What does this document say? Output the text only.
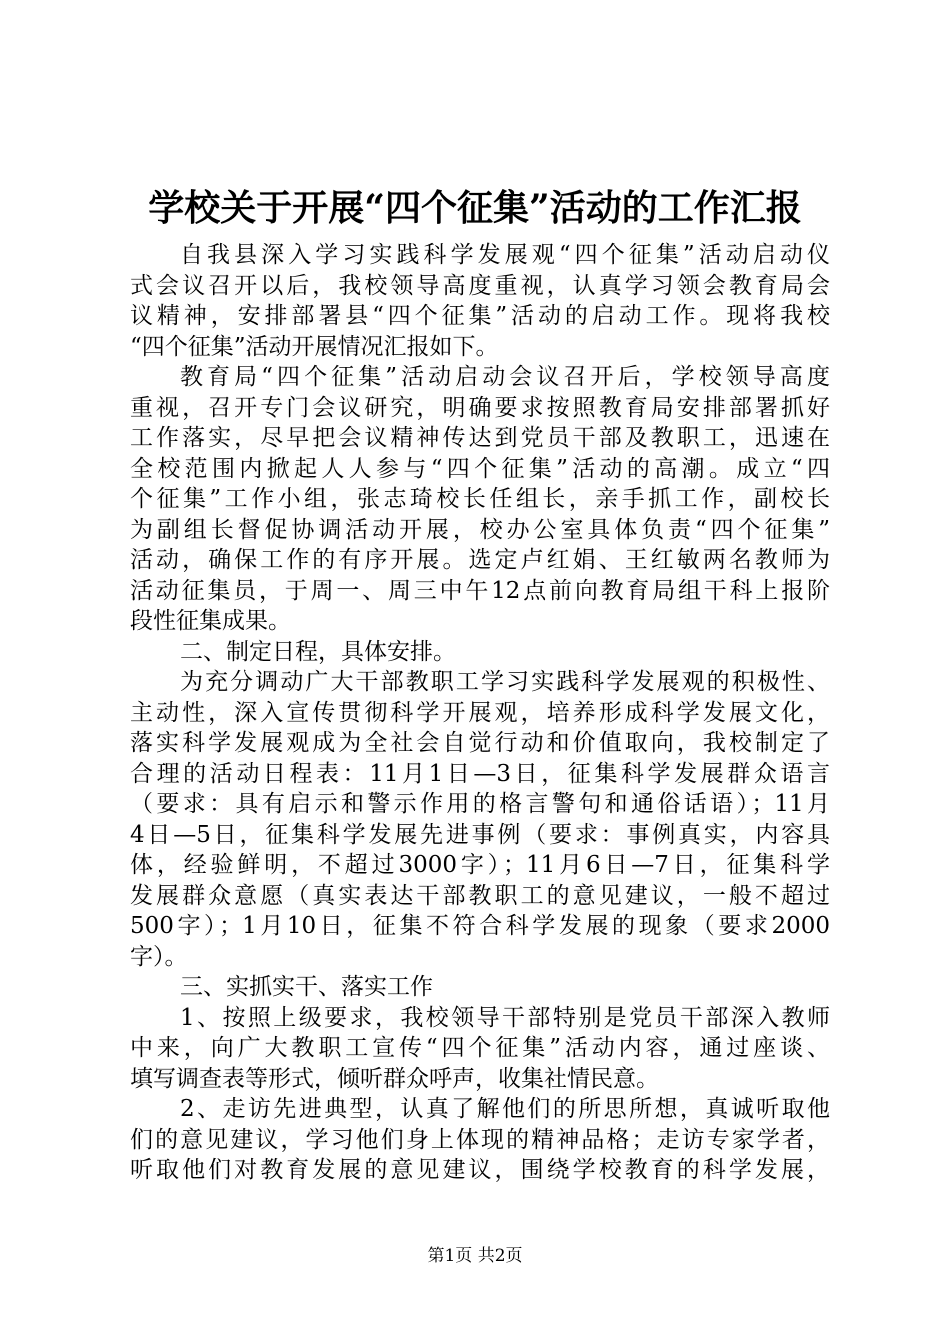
学校关于开展“四个征集”活动的工作汇报
自我县深入学习实践科学发展观“四个征集”活动启动仪
式会议召开以后，我校领导高度重视，认真学习领会教育局会
议精神，安排部署县“四个征集”活动的启动工作。现将我校
“四个征集”活动开展情况汇报如下。
教育局“四个征集”活动启动会议召开后，学校领导高度
重视，召开专门会议研究，明确要求按照教育局安排部署抓好
工作落实，尽早把会议精神传达到党员干部及教职工，迅速在
全校范围内掀起人人参与“四个征集”活动的高潮。成立“四
个征集”工作小组，张志琦校长任组长，亲手抓工作，副校长
为副组长督促协调活动开展，校办公室具体负责“四个征集”
活动，确保工作的有序开展。选定卢红娟、王红敏两名教师为
活动征集员，于周一、周三中午12点前向教育局组干科上报阶
段性征集成果。
二、制定日程，具体安排。
为充分调动广大干部教职工学习实践科学发展观的积极性、
主动性，深入宣传贯彻科学开展观，培养形成科学发展文化，
落实科学发展观成为全社会自觉行动和价值取向，我校制定了
合理的活动日程表：11月1日—3日，征集科学发展群众语言
（要求：具有启示和警示作用的格言警句和通俗话语）；11月
4日—5日，征集科学发展先进事例（要求：事例真实，内容具
体，经验鲜明，不超过3000字）；11月6日—7日，征集科学
发展群众意愿（真实表达干部教职工的意见建议，一般不超过
500字）；1月10日，征集不符合科学发展的现象（要求2000
字）。
三、实抓实干、落实工作
1、按照上级要求，我校领导干部特别是党员干部深入教师
中来，向广大教职工宣传“四个征集”活动内容，通过座谈、
填写调查表等形式，倾听群众呼声，收集社情民意。
2、走访先进典型，认真了解他们的所思所想，真诚听取他
们的意见建议，学习他们身上体现的精神品格；走访专家学者，
听取他们对教育发展的意见建议，围绕学校教育的科学发展，
第1页 共2页
